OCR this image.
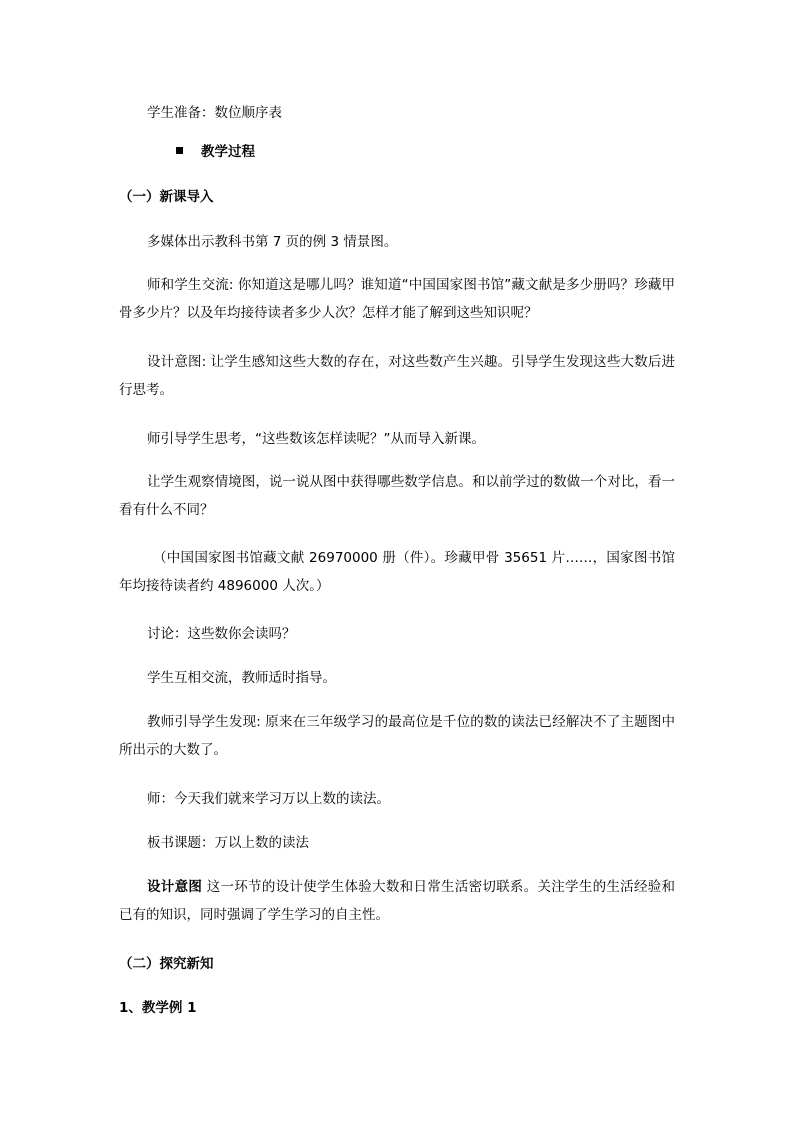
学生准备：数位顺序表

教学过程

（一）新课导入

多媒体出示教科书第 7 页的例 3 情景图。

师和学生交流: 你知道这是哪儿吗？谁知道“中国国家图书馆”藏文献是多少册吗？珍藏甲骨多少片？以及年均接待读者多少人次？怎样才能了解到这些知识呢？

设计意图: 让学生感知这些大数的存在，对这些数产生兴趣。引导学生发现这些大数后进行思考。

师引导学生思考，“这些数该怎样读呢？”从而导入新课。

让学生观察情境图，说一说从图中获得哪些数学信息。和以前学过的数做一个对比，看一看有什么不同？

（中国国家图书馆藏文献 26970000 册（件）。珍藏甲骨 35651 片……，国家图书馆年均接待读者约 4896000 人次。）

讨论：这些数你会读吗？

学生互相交流，教师适时指导。

教师引导学生发现: 原来在三年级学习的最高位是千位的数的读法已经解决不了主题图中所出示的大数了。

师：今天我们就来学习万以上数的读法。

板书课题：万以上数的读法

设计意图 这一环节的设计使学生体验大数和日常生活密切联系。关注学生的生活经验和已有的知识，同时强调了学生学习的自主性。

（二）探究新知

1、教学例 1
